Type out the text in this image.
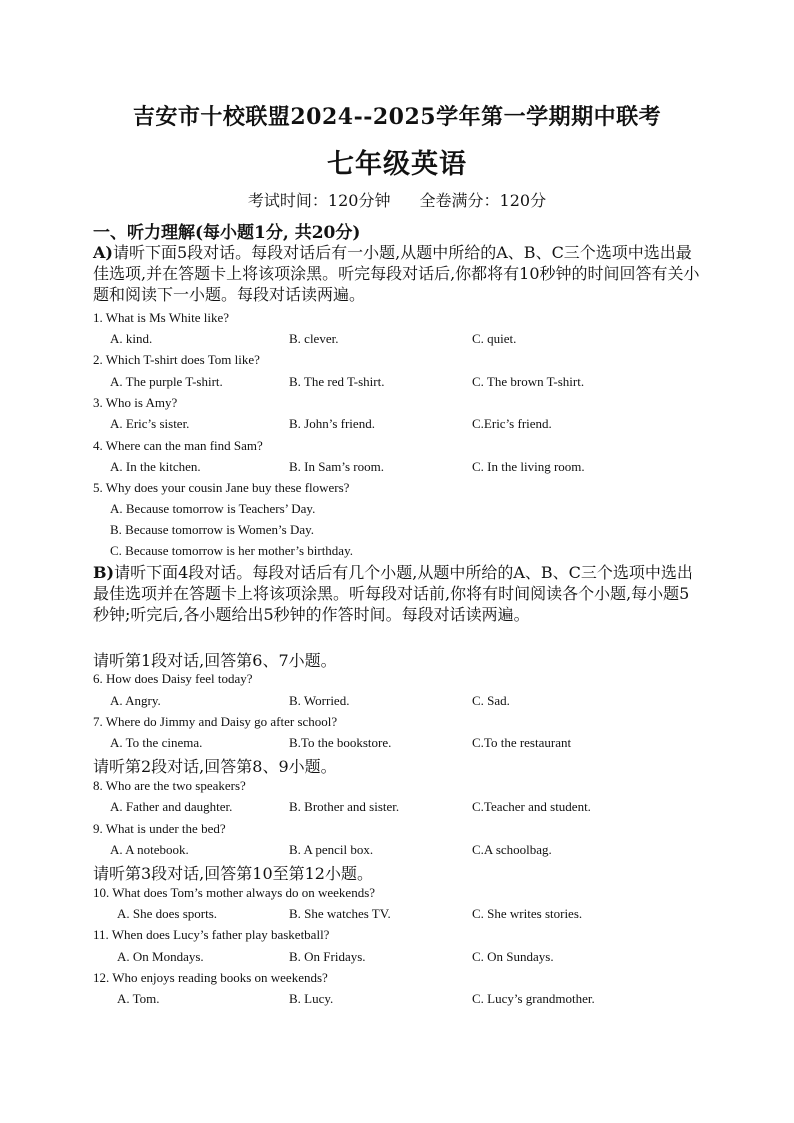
吉安市十校联盟2024--2025学年第一学期期中联考
七年级英语
考试时间：120分钟 全卷满分：120分
一、听力理解(每小题1分, 共20分)
A)请听下面5段对话。每段对话后有一小题,从题中所给的A、B、C三个选项中选出最佳选项,并在答题卡上将该项涂黑。听完每段对话后,你都将有10秒钟的时间回答有关小题和阅读下一小题。每段对话读两遍。
1. What is Ms White like?
A. kind.	B. clever.	C. quiet.
2. Which T-shirt does Tom like?
A. The purple T-shirt.	B. The red T-shirt.	C. The brown T-shirt.
3. Who is Amy?
A. Eric’s sister.	B. John’s friend.	C.Eric’s friend.
4. Where can the man find Sam?
A. In the kitchen.	B. In Sam’s room.	C. In the living room.
5. Why does your cousin Jane buy these flowers?
A. Because tomorrow is Teachers’ Day.
B. Because tomorrow is Women’s Day.
C. Because tomorrow is her mother’s birthday.
B)请听下面4段对话。每段对话后有几个小题,从题中所给的A、B、C三个选项中选出最佳选项并在答题卡上将该项涂黑。听每段对话前,你将有时间阅读各个小题,每小题5秒钟;听完后,各小题给出5秒钟的作答时间。每段对话读两遍。
请听第1段对话,回答第6、7小题。
6. How does Daisy feel today?
A. Angry.	B. Worried.	C. Sad.
7. Where do Jimmy and Daisy go after school?
A. To the cinema.	B.To the bookstore.	C.To the restaurant
请听第2段对话,回答第8、9小题。
8. Who are the two speakers?
A. Father and daughter.	B. Brother and sister.	C.Teacher and student.
9. What is under the bed?
A. A notebook.	B. A pencil box.	C.A schoolbag.
请听第3段对话,回答第10至第12小题。
10. What does Tom’s mother always do on weekends?
A. She does sports.	B. She watches TV.	C. She writes stories.
11. When does Lucy’s father play basketball?
A. On Mondays.	B. On Fridays.	C. On Sundays.
12. Who enjoys reading books on weekends?
A. Tom.	B. Lucy.	C. Lucy’s grandmother.
